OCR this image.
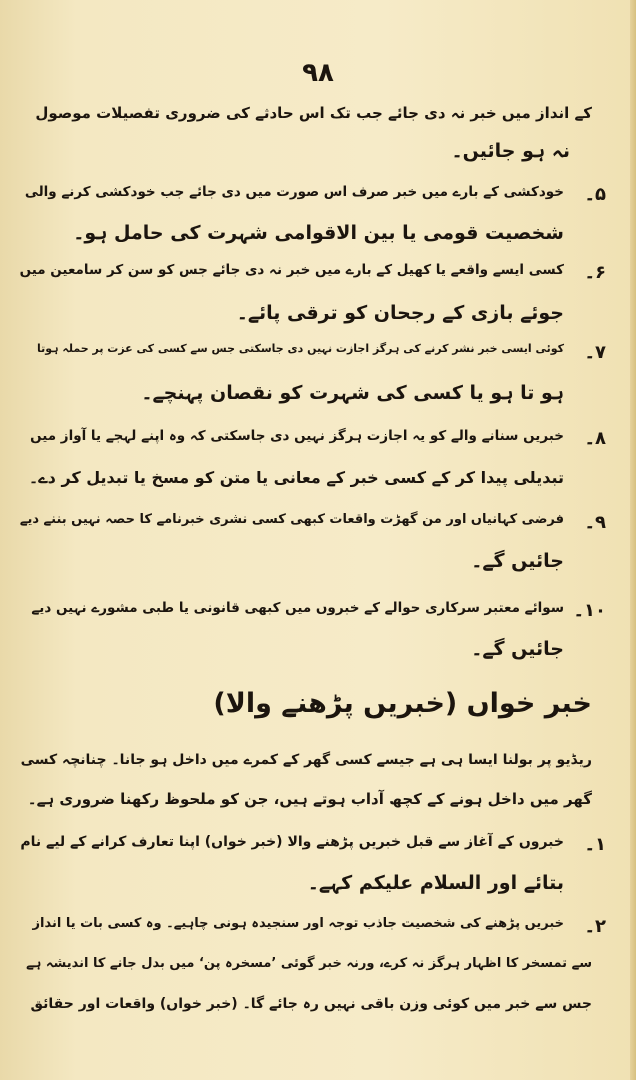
۹۸
کے انداز میں خبر نہ دی جائے جب تک اس حادثے کی ضروری تفصیلات موصول
نہ ہو جائیں۔
۵۔
خودکشی کے بارے میں خبر صرف اس صورت میں دی جائے جب خودکشی کرنے والی
شخصیت قومی یا بین الاقوامی شہرت کی حامل ہو۔
۶۔
کسی ایسے واقعے یا کھیل کے بارے میں خبر نہ دی جائے جس کو سن کر سامعین میں
جوئے بازی کے رجحان کو ترقی پائے۔
۷۔
کوئی ایسی خبر نشر کرنے کی ہرگز اجازت نہیں دی جاسکتی جس سے کسی کی عزت پر حملہ ہوتا
ہو تا ہو یا کسی کی شہرت کو نقصان پہنچے۔
۸۔
خبریں سنانے والے کو یہ اجازت ہرگز نہیں دی جاسکتی کہ وہ اپنے لہجے یا آواز میں
تبدیلی پیدا کر کے کسی خبر کے معانی یا متن کو مسخ یا تبدیل کر دے۔
۹۔
فرضی کہانیاں اور من گھڑت واقعات کبھی کسی نشری خبرنامے کا حصہ نہیں بننے دیے
جائیں گے۔
۱۰۔
سوائے معتبر سرکاری حوالے کے خبروں میں کبھی قانونی یا طبی مشورے نہیں دیے
جائیں گے۔
خبر خواں (خبریں پڑھنے والا)
ریڈیو پر بولنا ایسا ہی ہے جیسے کسی گھر کے کمرے میں داخل ہو جانا۔ چنانچہ کسی
گھر میں داخل ہونے کے کچھ آداب ہوتے ہیں، جن کو ملحوظ رکھنا ضروری ہے۔
۱۔
خبروں کے آغاز سے قبل خبریں پڑھنے والا (خبر خواں) اپنا تعارف کرانے کے لیے نام
بتائے اور السلام علیکم کہے۔
۲۔
خبریں پڑھنے کی شخصیت جاذب توجہ اور سنجیدہ ہونی چاہیے۔ وہ کسی بات یا انداز
سے تمسخر کا اظہار ہرگز نہ کرے، ورنہ خبر گوئی ’مسخرہ پن‘ میں بدل جانے کا اندیشہ ہے
جس سے خبر میں کوئی وزن باقی نہیں رہ جائے گا۔ (خبر خواں) واقعات اور حقائق
